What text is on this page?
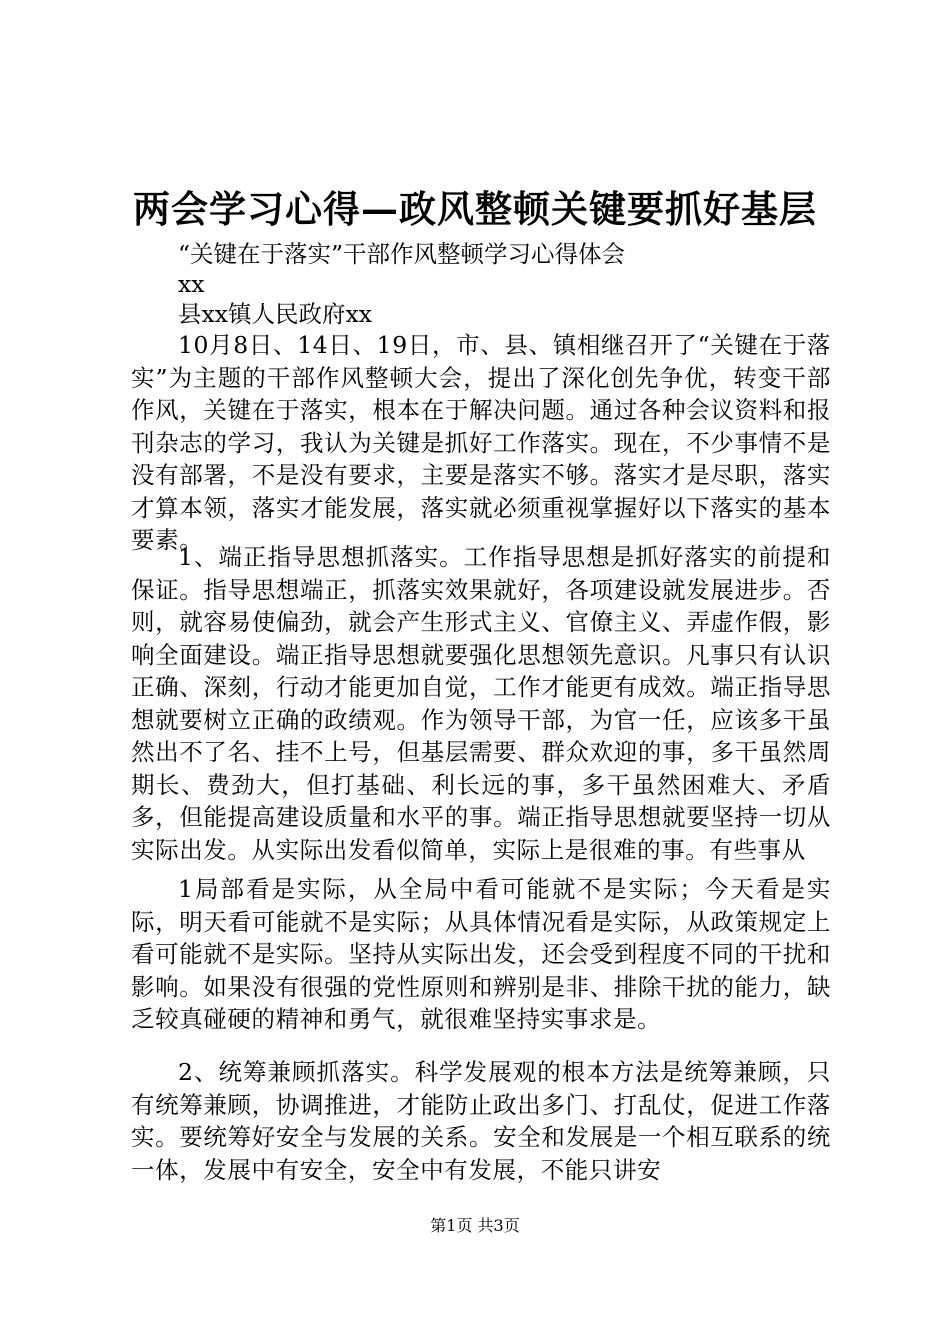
两会学习心得—政风整顿关键要抓好基层
“关键在于落实”干部作风整顿学习心得体会
xx
县xx镇人民政府xx
10月8日、14日、19日，市、县、镇相继召开了“关键在于落实”为主题的干部作风整顿大会，提出了深化创先争优，转变干部作风，关键在于落实，根本在于解决问题。通过各种会议资料和报刊杂志的学习，我认为关键是抓好工作落实。现在，不少事情不是没有部署，不是没有要求，主要是落实不够。落实才是尽职，落实才算本领，落实才能发展，落实就必须重视掌握好以下落实的基本要素。
1、端正指导思想抓落实。工作指导思想是抓好落实的前提和保证。指导思想端正，抓落实效果就好，各项建设就发展进步。否则，就容易使偏劲，就会产生形式主义、官僚主义、弄虚作假，影响全面建设。端正指导思想就要强化思想领先意识。凡事只有认识正确、深刻，行动才能更加自觉，工作才能更有成效。端正指导思想就要树立正确的政绩观。作为领导干部，为官一任，应该多干虽然出不了名、挂不上号，但基层需要、群众欢迎的事，多干虽然周期长、费劲大，但打基础、利长远的事，多干虽然困难大、矛盾多，但能提高建设质量和水平的事。端正指导思想就要坚持一切从实际出发。从实际出发看似简单，实际上是很难的事。有些事从
1局部看是实际，从全局中看可能就不是实际；今天看是实际，明天看可能就不是实际；从具体情况看是实际，从政策规定上看可能就不是实际。坚持从实际出发，还会受到程度不同的干扰和影响。如果没有很强的党性原则和辨别是非、排除干扰的能力，缺乏较真碰硬的精神和勇气，就很难坚持实事求是。
2、统筹兼顾抓落实。科学发展观的根本方法是统筹兼顾，只有统筹兼顾，协调推进，才能防止政出多门、打乱仗，促进工作落实。要统筹好安全与发展的关系。安全和发展是一个相互联系的统一体，发展中有安全，安全中有发展，不能只讲安
第1页 共3页
